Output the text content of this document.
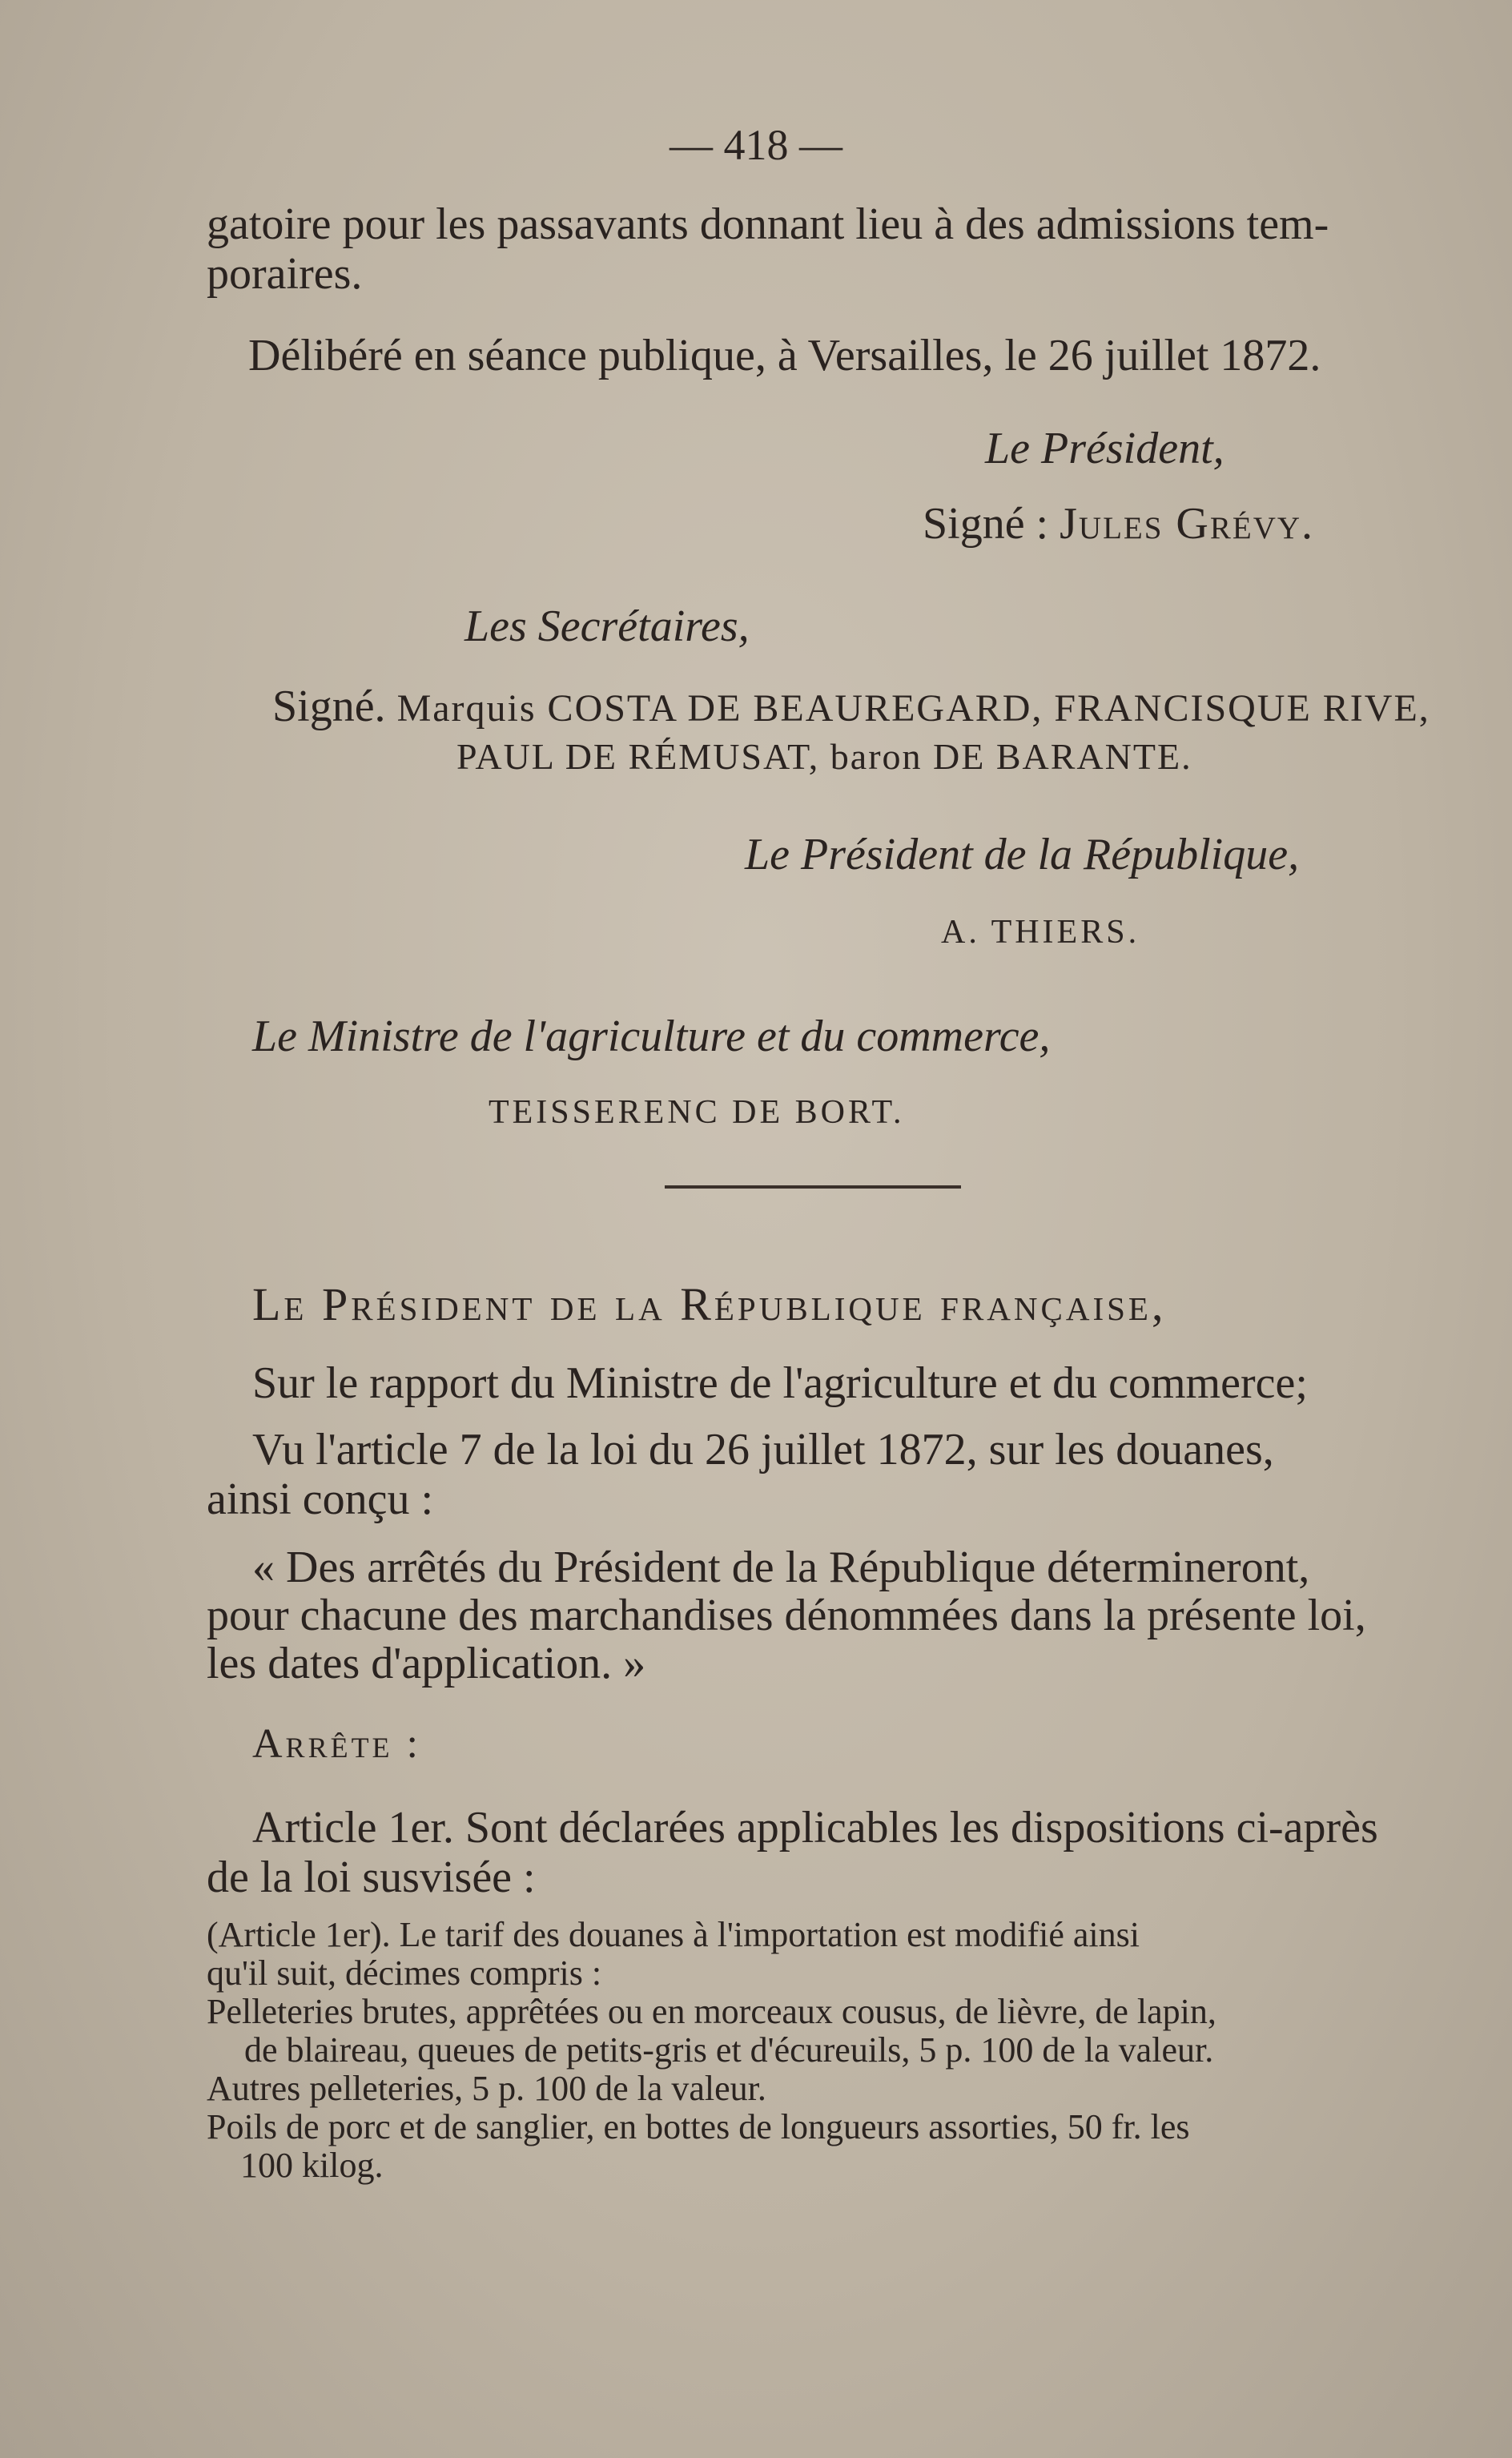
— 418 —
gatoire pour les passavants donnant lieu à des admissions tem-
poraires.
Délibéré en séance publique, à Versailles, le 26 juillet 1872.
Le Président,
Signé : Jules Grévy.
Les Secrétaires,
Signé. Marquis COSTA DE BEAUREGARD, FRANCISQUE RIVE,
PAUL DE RÉMUSAT, baron DE BARANTE.
Le Président de la République,
A. THIERS.
Le Ministre de l'agriculture et du commerce,
TEISSERENC DE BORT.
Le Président de la République française,
Sur le rapport du Ministre de l'agriculture et du commerce;
Vu l'article 7 de la loi du 26 juillet 1872, sur les douanes,
ainsi conçu :
« Des arrêtés du Président de la République détermineront,
pour chacune des marchandises dénommées dans la présente loi,
les dates d'application. »
Arrête :
Article 1er. Sont déclarées applicables les dispositions ci-après
de la loi susvisée :
(Article 1er). Le tarif des douanes à l'importation est modifié ainsi
qu'il suit, décimes compris :
Pelleteries brutes, apprêtées ou en morceaux cousus, de lièvre, de lapin,
de blaireau, queues de petits-gris et d'écureuils, 5 p. 100 de la valeur.
Autres pelleteries, 5 p. 100 de la valeur.
Poils de porc et de sanglier, en bottes de longueurs assorties, 50 fr. les
100 kilog.
